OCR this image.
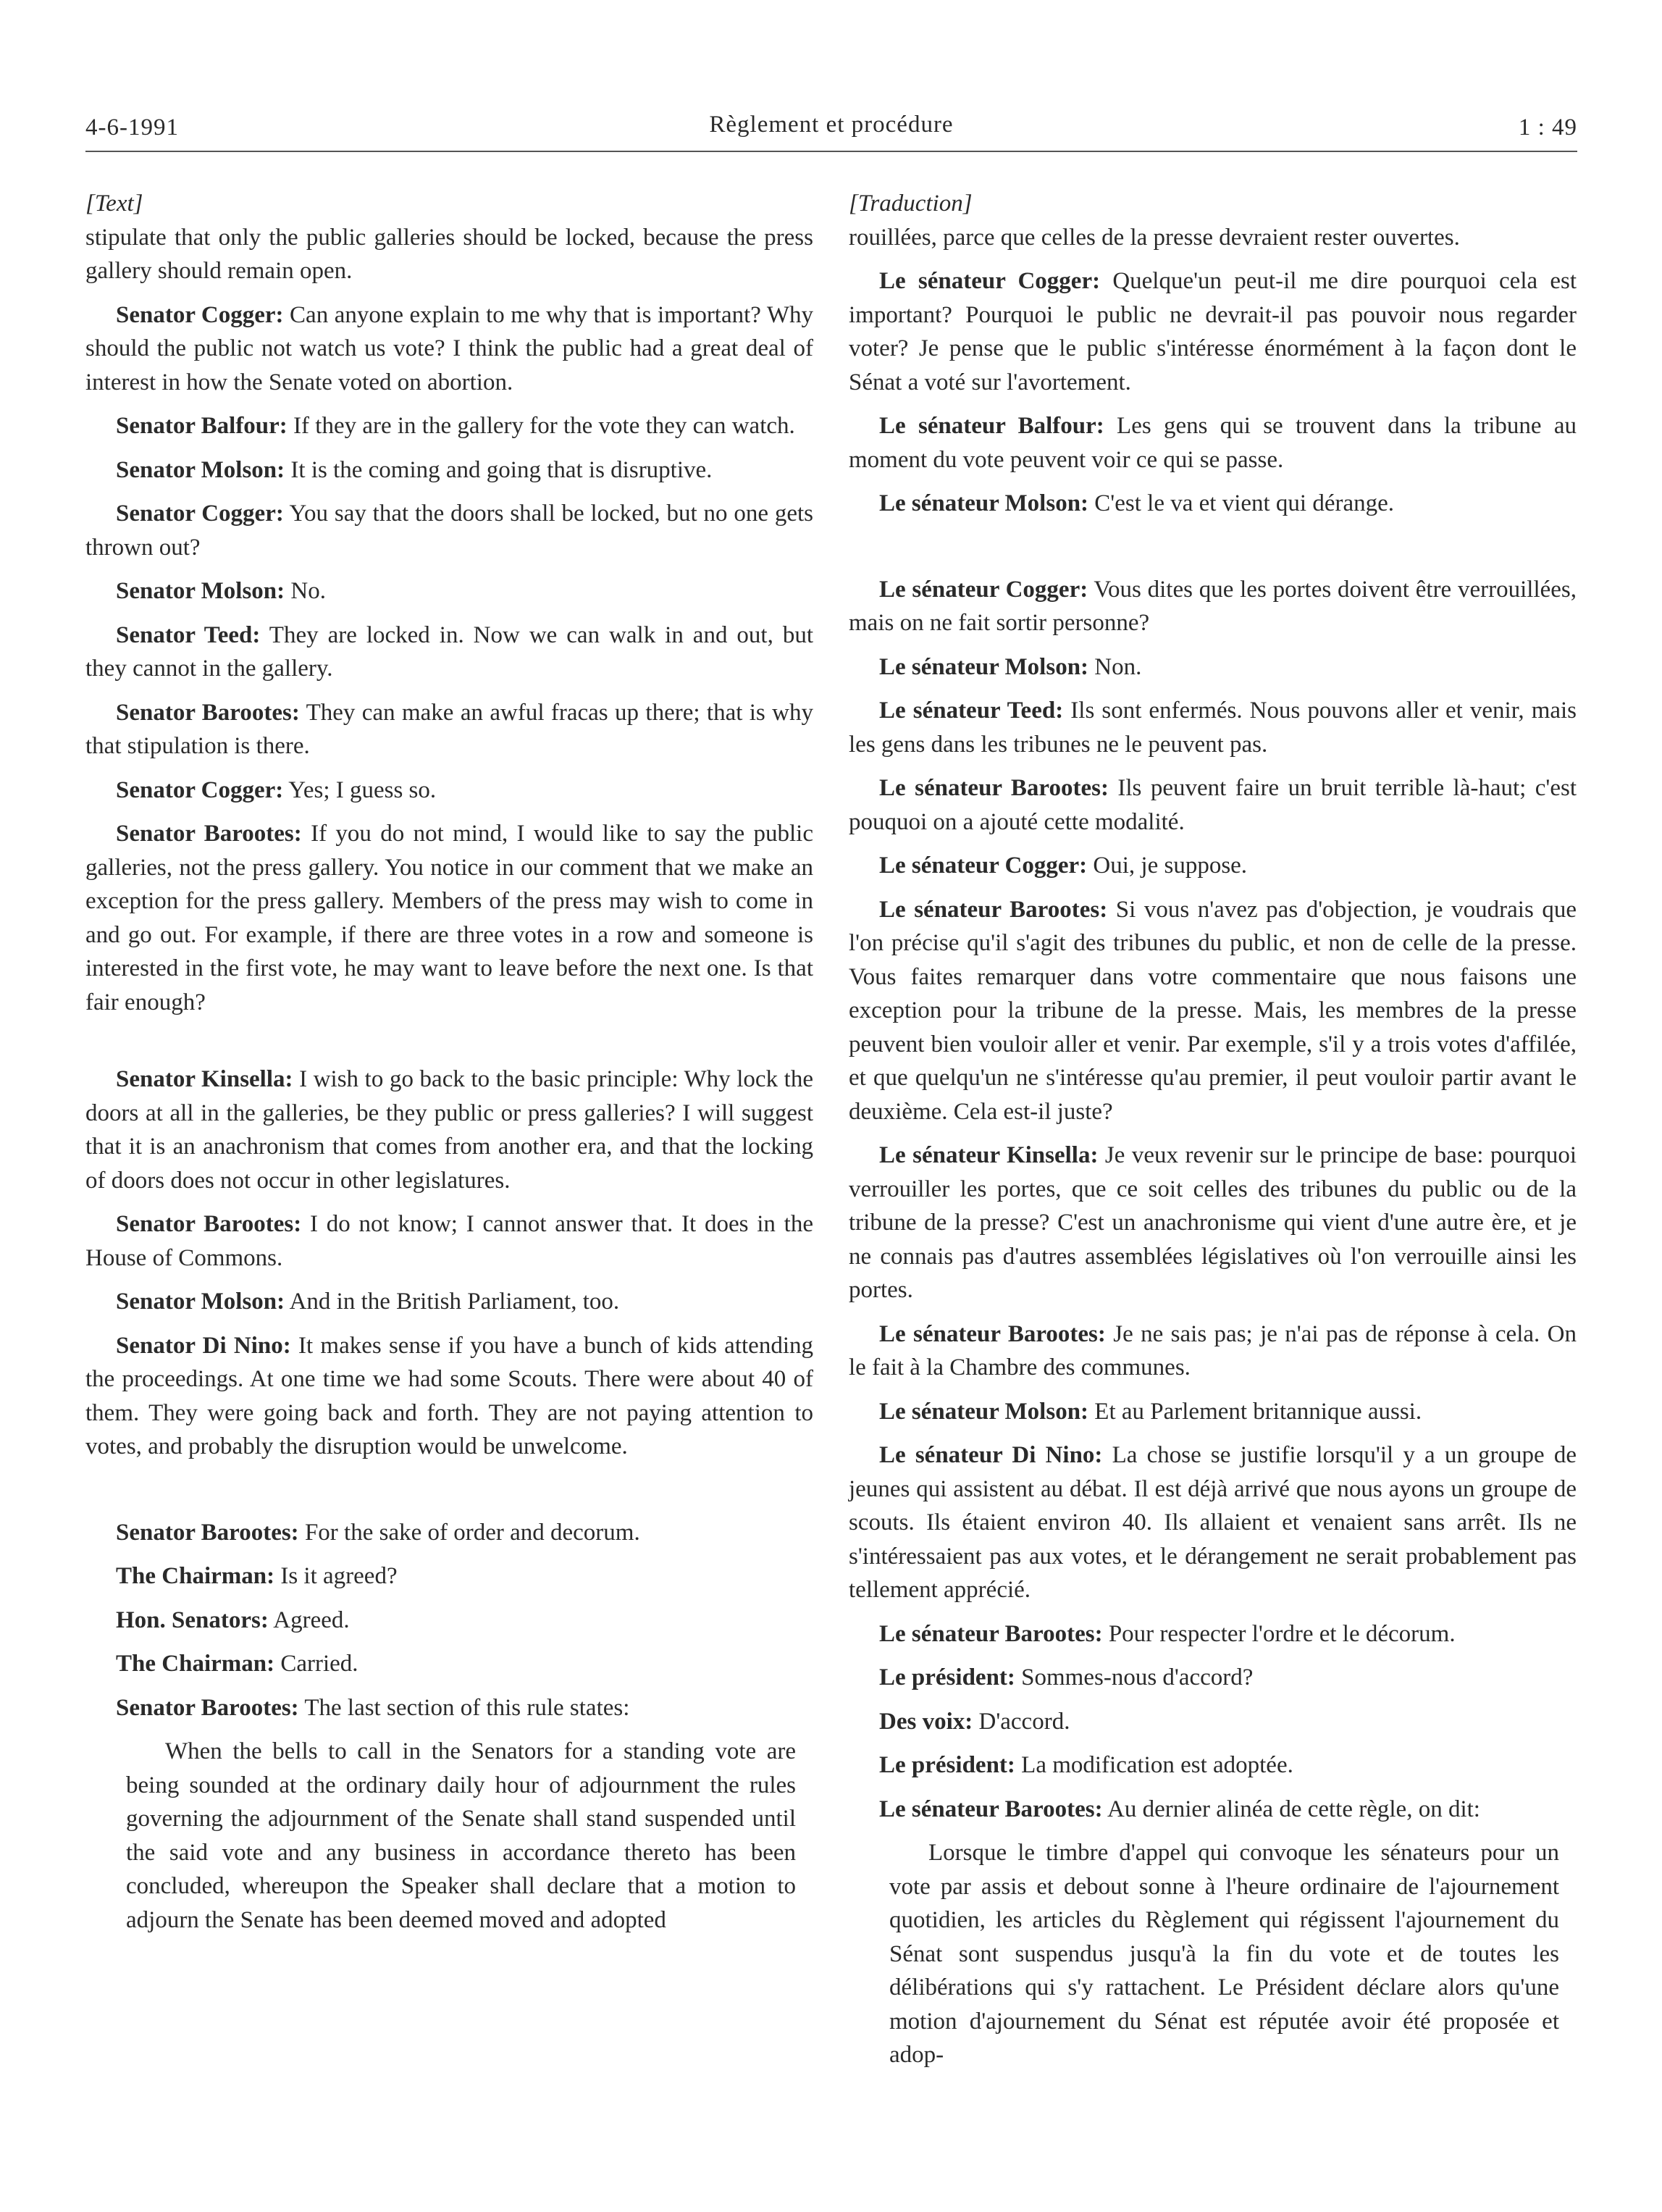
4-6-1991	Règlement et procédure	1 : 49

[Text]

stipulate that only the public galleries should be locked, because the press gallery should remain open.

Senator Cogger: Can anyone explain to me why that is important? Why should the public not watch us vote? I think the public had a great deal of interest in how the Senate voted on abortion.

Senator Balfour: If they are in the gallery for the vote they can watch.

Senator Molson: It is the coming and going that is disruptive.

Senator Cogger: You say that the doors shall be locked, but no one gets thrown out?

Senator Molson: No.

Senator Teed: They are locked in. Now we can walk in and out, but they cannot in the gallery.

Senator Barootes: They can make an awful fracas up there; that is why that stipulation is there.

Senator Cogger: Yes; I guess so.

Senator Barootes: If you do not mind, I would like to say the public galleries, not the press gallery. You notice in our comment that we make an exception for the press gallery. Members of the press may wish to come in and go out. For example, if there are three votes in a row and someone is interested in the first vote, he may want to leave before the next one. Is that fair enough?

Senator Kinsella: I wish to go back to the basic principle: Why lock the doors at all in the galleries, be they public or press galleries? I will suggest that it is an anachronism that comes from another era, and that the locking of doors does not occur in other legislatures.

Senator Barootes: I do not know; I cannot answer that. It does in the House of Commons.

Senator Molson: And in the British Parliament, too.

Senator Di Nino: It makes sense if you have a bunch of kids attending the proceedings. At one time we had some Scouts. There were about 40 of them. They were going back and forth. They are not paying attention to votes, and probably the disruption would be unwelcome.

Senator Barootes: For the sake of order and decorum.

The Chairman: Is it agreed?

Hon. Senators: Agreed.

The Chairman: Carried.

Senator Barootes: The last section of this rule states:

When the bells to call in the Senators for a standing vote are being sounded at the ordinary daily hour of adjournment the rules governing the adjournment of the Senate shall stand suspended until the said vote and any business in accordance thereto has been concluded, whereupon the Speaker shall declare that a motion to adjourn the Senate has been deemed moved and adopted

[Traduction]

rouillées, parce que celles de la presse devraient rester ouvertes.

Le sénateur Cogger: Quelque'un peut-il me dire pourquoi cela est important? Pourquoi le public ne devrait-il pas pouvoir nous regarder voter? Je pense que le public s'intéresse énormément à la façon dont le Sénat a voté sur l'avortement.

Le sénateur Balfour: Les gens qui se trouvent dans la tribune au moment du vote peuvent voir ce qui se passe.

Le sénateur Molson: C'est le va et vient qui dérange.

Le sénateur Cogger: Vous dites que les portes doivent être verrouillées, mais on ne fait sortir personne?

Le sénateur Molson: Non.

Le sénateur Teed: Ils sont enfermés. Nous pouvons aller et venir, mais les gens dans les tribunes ne le peuvent pas.

Le sénateur Barootes: Ils peuvent faire un bruit terrible là-haut; c'est pouquoi on a ajouté cette modalité.

Le sénateur Cogger: Oui, je suppose.

Le sénateur Barootes: Si vous n'avez pas d'objection, je voudrais que l'on précise qu'il s'agit des tribunes du public, et non de celle de la presse. Vous faites remarquer dans votre commentaire que nous faisons une exception pour la tribune de la presse. Mais, les membres de la presse peuvent bien vouloir aller et venir. Par exemple, s'il y a trois votes d'affilée, et que quelqu'un ne s'intéresse qu'au premier, il peut vouloir partir avant le deuxième. Cela est-il juste?

Le sénateur Kinsella: Je veux revenir sur le principe de base: pourquoi verrouiller les portes, que ce soit celles des tribunes du public ou de la tribune de la presse? C'est un anachronisme qui vient d'une autre ère, et je ne connais pas d'autres assemblées législatives où l'on verrouille ainsi les portes.

Le sénateur Barootes: Je ne sais pas; je n'ai pas de réponse à cela. On le fait à la Chambre des communes.

Le sénateur Molson: Et au Parlement britannique aussi.

Le sénateur Di Nino: La chose se justifie lorsqu'il y a un groupe de jeunes qui assistent au débat. Il est déjà arrivé que nous ayons un groupe de scouts. Ils étaient environ 40. Ils allaient et venaient sans arrêt. Ils ne s'intéressaient pas aux votes, et le dérangement ne serait probablement pas tellement apprécié.

Le sénateur Barootes: Pour respecter l'ordre et le décorum.

Le président: Sommes-nous d'accord?

Des voix: D'accord.

Le président: La modification est adoptée.

Le sénateur Barootes: Au dernier alinéa de cette règle, on dit:

Lorsque le timbre d'appel qui convoque les sénateurs pour un vote par assis et debout sonne à l'heure ordinaire de l'ajournement quotidien, les articles du Règlement qui régissent l'ajournement du Sénat sont suspendus jusqu'à la fin du vote et de toutes les délibérations qui s'y rattachent. Le Président déclare alors qu'une motion d'ajournement du Sénat est réputée avoir été proposée et adop-
